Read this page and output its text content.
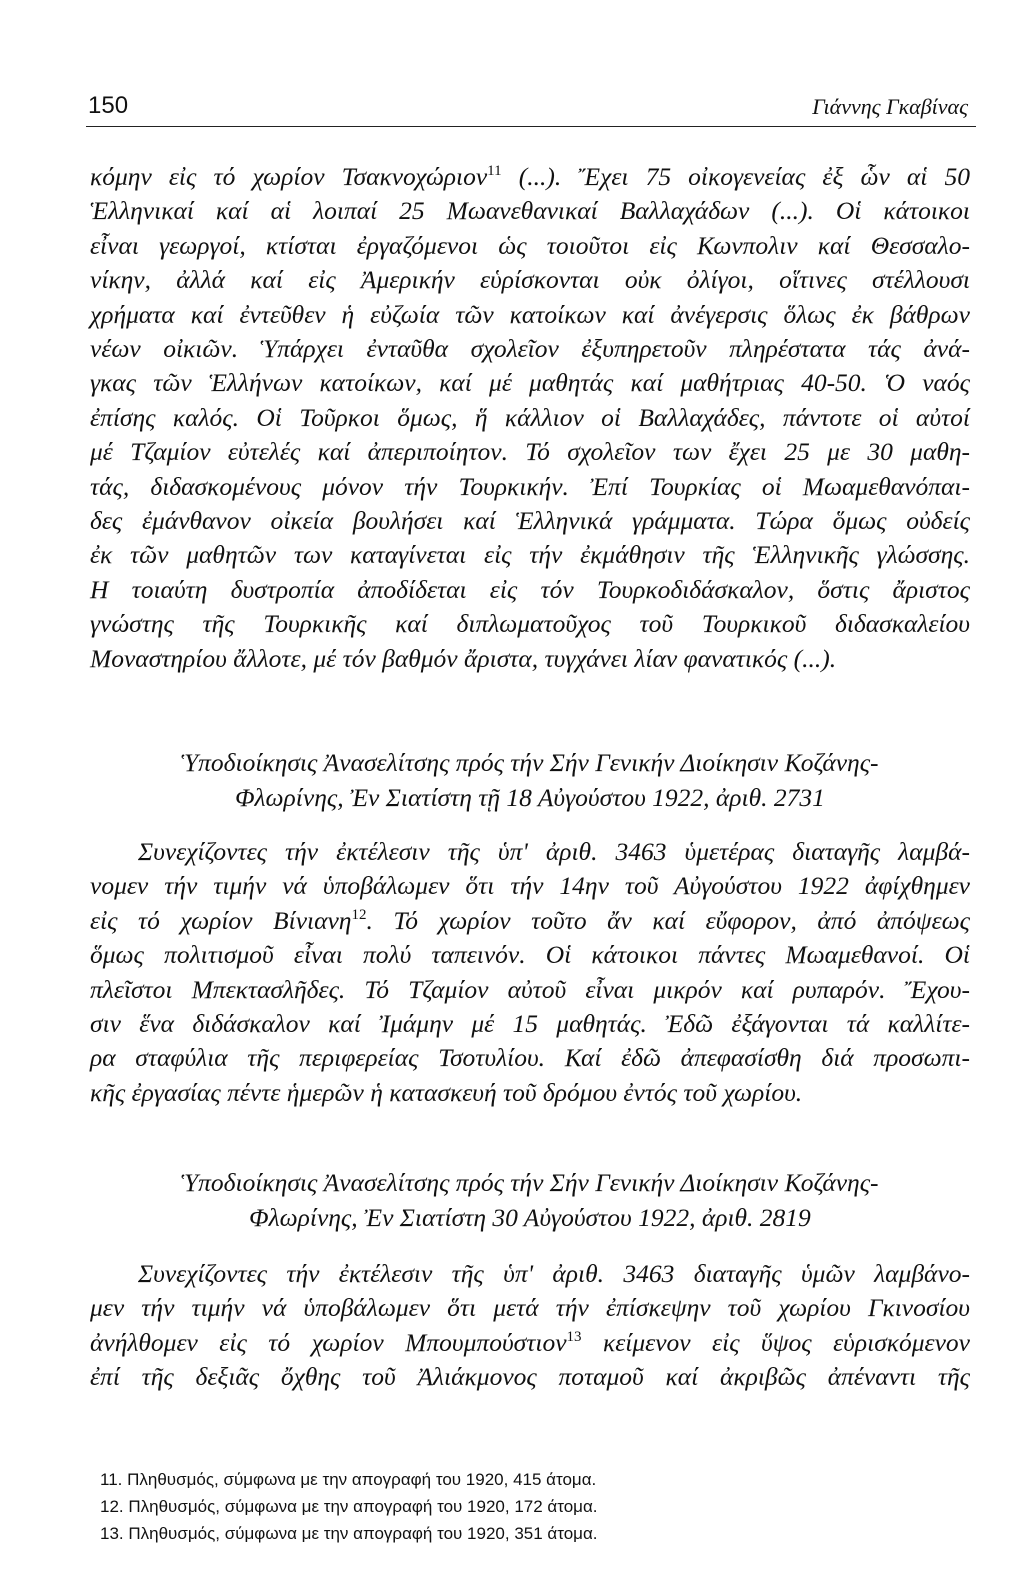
150	Γιάννης Γκαβίνας
κόμην εἰς τό χωρίον Τσακνοχώριον$^{11}$ (...). Ἔχει 75 οἰκογενείας ἐξ ὧν αἱ 50
Ἑλληνικαί καί αἱ λοιπαί 25 Μωανεθανικαί Βαλλαχάδων (...). Οἱ κάτοικοι
εἶναι γεωργοί, κτίσται ἐργαζόμενοι ὡς τοιοῦτοι εἰς Κωνπολιν καί Θεσσαλο-
νίκην, ἀλλά καί εἰς Ἀμερικήν εὑρίσκονται οὐκ ὀλίγοι, οἵτινες στέλλουσι
χρήματα καί ἐντεῦθεν ἡ εὐζωία τῶν κατοίκων καί ἀνέγερσις ὅλως ἐκ βάθρων
νέων οἰκιῶν. Ὑπάρχει ἐνταῦθα σχολεῖον ἐξυπηρετοῦν πληρέστατα τάς ἀνά-
γκας τῶν Ἑλλήνων κατοίκων, καί μέ μαθητάς καί μαθήτριας 40-50. Ὁ ναός
ἐπίσης καλός. Οἱ Τοῦρκοι ὅμως, ἥ κάλλιον οἱ Βαλλαχάδες, πάντοτε οἱ αὐτοί
μέ Τζαμίον εὐτελές καί ἀπεριποίητον. Τό σχολεῖον των ἔχει 25 με 30 μαθη-
τάς, διδασκομένους μόνον τήν Τουρκικήν. Ἐπί Τουρκίας οἱ Μωαμεθανόπαι-
δες ἐμάνθανον οἰκεία βουλήσει καί Ἑλληνικά γράμματα. Τώρα ὅμως οὐδείς
ἐκ τῶν μαθητῶν των καταγίνεται εἰς τήν ἐκμάθησιν τῆς Ἑλληνικῆς γλώσσης.
Η τοιαύτη δυστροπία ἀποδίδεται εἰς τόν Τουρκοδιδάσκαλον, ὅστις ἄριστος
γνώστης τῆς Τουρκικῆς καί διπλωματοῦχος τοῦ Τουρκικοῦ διδασκαλείου
Μοναστηρίου ἄλλοτε, μέ τόν βαθμόν ἄριστα, τυγχάνει λίαν φανατικός (...).
Ὑποδιοίκησις Ἀνασελίτσης πρός τήν Σήν Γενικήν Διοίκησιν Κοζάνης-
Φλωρίνης, Ἐν Σιατίστη τῇ 18 Αὐγούστου 1922, ἀριθ. 2731
Συνεχίζοντες τήν ἐκτέλεσιν τῆς ὑπ' ἀριθ. 3463 ὑμετέρας διαταγῆς λαμβά-
νομεν τήν τιμήν νά ὑποβάλωμεν ὅτι τήν 14ην τοῦ Αὐγούστου 1922 ἀφίχθημεν
εἰς τό χωρίον Βίνιανη$^{12}$. Τό χωρίον τοῦτο ἄν καί εὔφορον, ἀπό ἀπόψεως
ὅμως πολιτισμοῦ εἶναι πολύ ταπεινόν. Οἱ κάτοικοι πάντες Μωαμεθανοί. Οἱ
πλεῖστοι Μπεκτασλῆδες. Τό Τζαμίον αὐτοῦ εἶναι μικρόν καί ρυπαρόν. Ἔχου-
σιν ἕνα διδάσκαλον καί Ἰμάμην μέ 15 μαθητάς. Ἐδῶ ἐξάγονται τά καλλίτε-
ρα σταφύλια τῆς περιφερείας Τσοτυλίου. Καί ἐδῶ ἀπεφασίσθη διά προσωπι-
κῆς ἐργασίας πέντε ἡμερῶν ἡ κατασκευή τοῦ δρόμου ἐντός τοῦ χωρίου.
Ὑποδιοίκησις Ἀνασελίτσης πρός τήν Σήν Γενικήν Διοίκησιν Κοζάνης-
Φλωρίνης, Ἐν Σιατίστη 30 Αὐγούστου 1922, ἀριθ. 2819
Συνεχίζοντες τήν ἐκτέλεσιν τῆς ὑπ' ἀριθ. 3463 διαταγῆς ὑμῶν λαμβάνο-
μεν τήν τιμήν νά ὑποβάλωμεν ὅτι μετά τήν ἐπίσκεψην τοῦ χωρίου Γκινοσίου
ἀνήλθομεν εἰς τό χωρίον Μπουμπούστιον$^{13}$ κείμενον εἰς ὕψος εὑρισκόμενον
ἐπί τῆς δεξιᾶς ὄχθης τοῦ Ἀλιάκμονος ποταμοῦ καί ἀκριβῶς ἀπέναντι τῆς
11. Πληθυσμός, σύμφωνα με την απογραφή του 1920, 415 άτομα.
12. Πληθυσμός, σύμφωνα με την απογραφή του 1920, 172 άτομα.
13. Πληθυσμός, σύμφωνα με την απογραφή του 1920, 351 άτομα.
